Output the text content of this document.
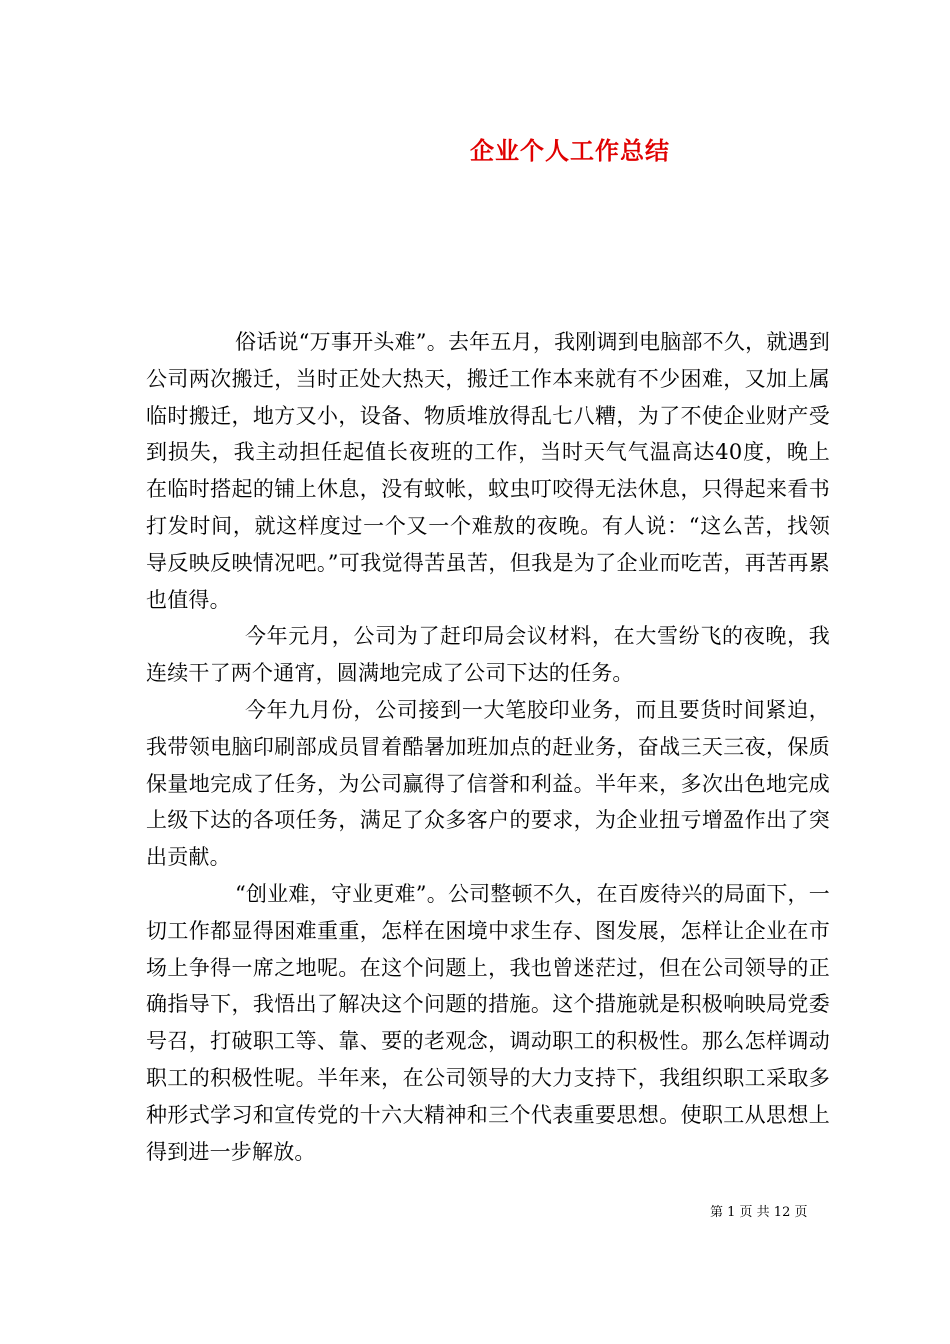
企业个人工作总结

俗话说“万事开头难”。去年五月，我刚调到电脑部不久，就遇到公司两次搬迁，当时正处大热天，搬迁工作本来就有不少困难，又加上属临时搬迁，地方又小，设备、物质堆放得乱七八糟，为了不使企业财产受到损失，我主动担任起值长夜班的工作，当时天气气温高达40度，晚上在临时搭起的铺上休息，没有蚊帐，蚊虫叮咬得无法休息，只得起来看书打发时间，就这样度过一个又一个难敖的夜晚。有人说：“这么苦，找领导反映反映情况吧。”可我觉得苦虽苦，但我是为了企业而吃苦，再苦再累也值得。

今年元月，公司为了赶印局会议材料，在大雪纷飞的夜晚，我连续干了两个通宵，圆满地完成了公司下达的任务。

今年九月份，公司接到一大笔胶印业务，而且要货时间紧迫，我带领电脑印刷部成员冒着酷暑加班加点的赶业务，奋战三天三夜，保质保量地完成了任务，为公司赢得了信誉和利益。半年来，多次出色地完成上级下达的各项任务，满足了众多客户的要求，为企业扭亏增盈作出了突出贡献。

“创业难，守业更难”。公司整顿不久，在百废待兴的局面下，一切工作都显得困难重重，怎样在困境中求生存、图发展，怎样让企业在市场上争得一席之地呢。在这个问题上，我也曾迷茫过，但在公司领导的正确指导下，我悟出了解决这个问题的措施。这个措施就是积极响映局党委号召，打破职工等、靠、要的老观念，调动职工的积极性。那么怎样调动职工的积极性呢。半年来，在公司领导的大力支持下，我组织职工采取多种形式学习和宣传党的十六大精神和三个代表重要思想。使职工从思想上得到进一步解放。

第 1 页 共 12 页
